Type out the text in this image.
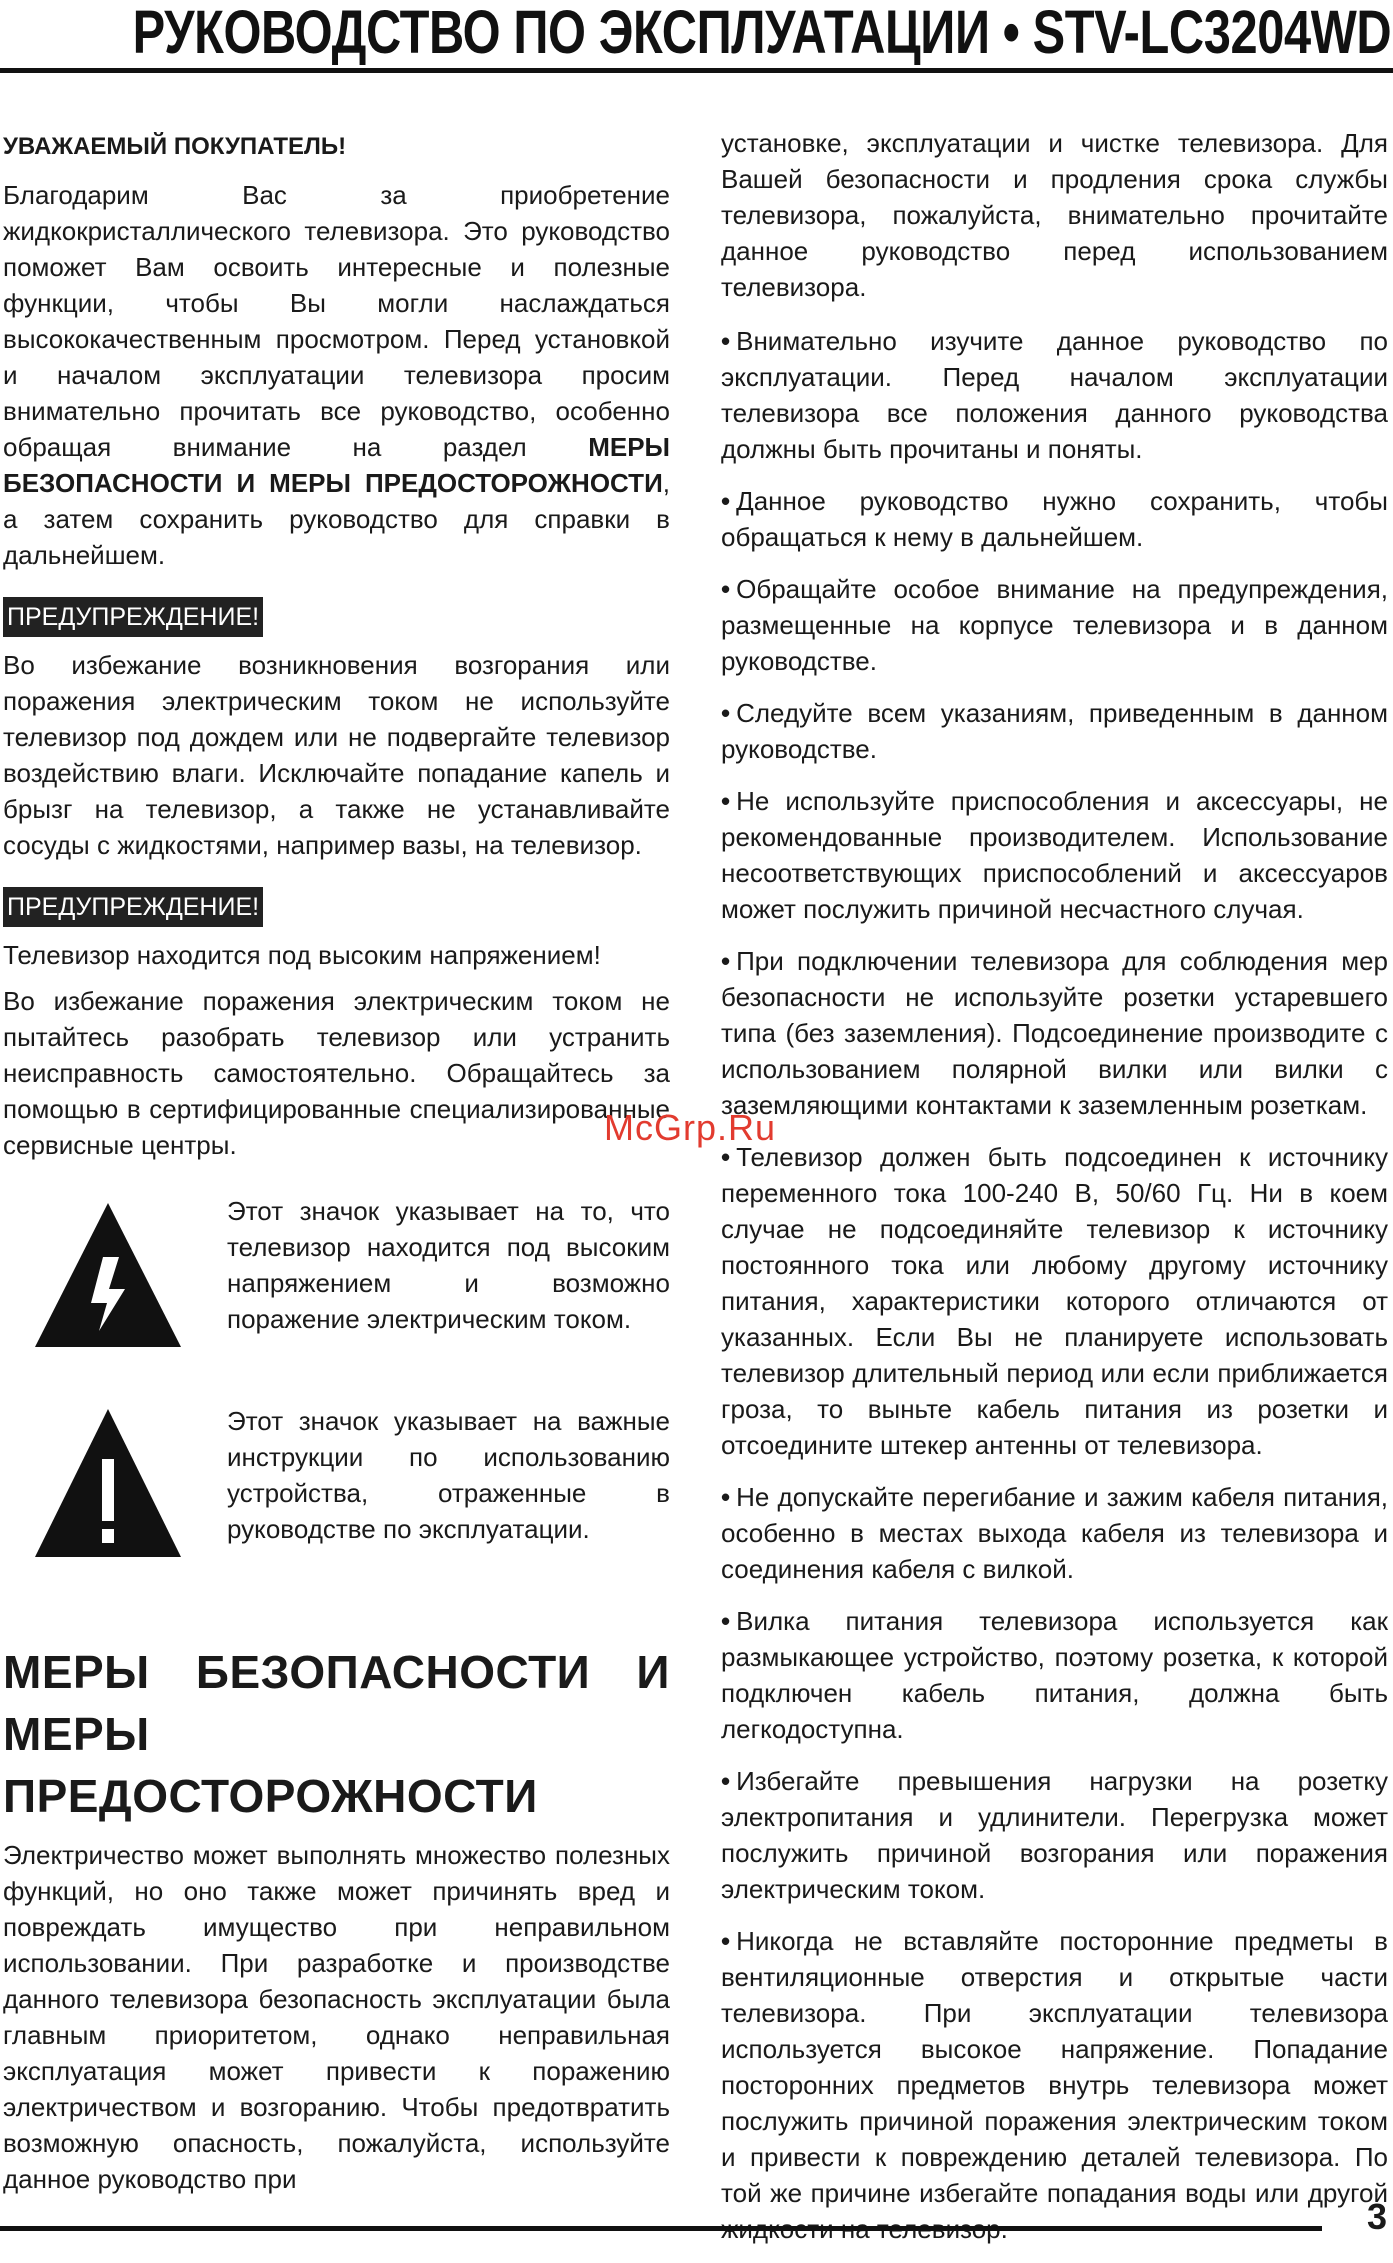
РУКОВОДСТВО ПО ЭКСПЛУАТАЦИИ • STV-LC3204WD

УВАЖАЕМЫЙ ПОКУПАТЕЛЬ!

Благодарим Вас за приобретение жидкокристаллического телевизора. Это руководство поможет Вам освоить интересные и полезные функции, чтобы Вы могли наслаждаться высококачественным просмотром. Перед установкой и началом эксплуатации телевизора просим внимательно прочитать все руководство, особенно обращая внимание на раздел МЕРЫ БЕЗОПАСНОСТИ И МЕРЫ ПРЕДОСТОРОЖНОСТИ, а затем сохранить руководство для справки в дальнейшем.

ПРЕДУПРЕЖДЕНИЕ!

Во избежание возникновения возгорания или поражения электрическим током не используйте телевизор под дождем или не подвергайте телевизор воздействию влаги. Исключайте попадание капель и брызг на телевизор, а также не устанавливайте сосуды с жидкостями, например вазы, на телевизор.

ПРЕДУПРЕЖДЕНИЕ!

Телевизор находится под высоким напряжением!

Во избежание поражения электрическим током не пытайтесь разобрать телевизор или устранить неисправность самостоятельно. Обращайтесь за помощью в сертифицированные специализированные сервисные центры.

Этот значок указывает на то, что телевизор находится под высоким напряжением и возможно поражение электрическим током.

Этот значок указывает на важные инструкции по использованию устройства, отраженные в руководстве по эксплуатации.

МЕРЫ БЕЗОПАСНОСТИ И МЕРЫ ПРЕДОСТОРОЖНОСТИ

Электричество может выполнять множество полезных функций, но оно также может причинять вред и повреждать имущество при неправильном использовании. При разработке и производстве данного телевизора безопасность эксплуатации была главным приоритетом, однако неправильная эксплуатация может привести к поражению электричеством и возгоранию. Чтобы предотвратить возможную опасность, пожалуйста, используйте данное руководство при

установке, эксплуатации и чистке телевизора. Для Вашей безопасности и продления срока службы телевизора, пожалуйста, внимательно прочитайте данное руководство перед использованием телевизора.

• Внимательно изучите данное руководство по эксплуатации. Перед началом эксплуатации телевизора все положения данного руководства должны быть прочитаны и поняты.

• Данное руководство нужно сохранить, чтобы обращаться к нему в дальнейшем.

• Обращайте особое внимание на предупреждения, размещенные на корпусе телевизора и в данном руководстве.

• Следуйте всем указаниям, приведенным в данном руководстве.

• Не используйте приспособления и аксессуары, не рекомендованные производителем. Использование несоответствующих приспособлений и аксессуаров может послужить причиной несчастного случая.

• При подключении телевизора для соблюдения мер безопасности не используйте розетки устаревшего типа (без заземления). Подсоединение производите с использованием полярной вилки или вилки с заземляющими контактами к заземленным розеткам.

• Телевизор должен быть подсоединен к источнику переменного тока 100-240 В, 50/60 Гц. Ни в коем случае не подсоединяйте телевизор к источнику постоянного тока или любому другому источнику питания, характеристики которого отличаются от указанных. Если Вы не планируете использовать телевизор длительный период или если приближается гроза, то выньте кабель питания из розетки и отсоедините штекер антенны от телевизора.

• Не допускайте перегибание и зажим кабеля питания, особенно в местах выхода кабеля из телевизора и соединения кабеля с вилкой.

• Вилка питания телевизора используется как размыкающее устройство, поэтому розетка, к которой подключен кабель питания, должна быть легкодоступна.

• Избегайте превышения нагрузки на розетку электропитания и удлинители. Перегрузка может послужить причиной возгорания или поражения электрическим током.

• Никогда не вставляйте посторонние предметы в вентиляционные отверстия и открытые части телевизора. При эксплуатации телевизора используется высокое напряжение. Попадание посторонних предметов внутрь телевизора может послужить причиной поражения электрическим током и привести к повреждению деталей телевизора. По той же причине избегайте попадания воды или другой

McGrp.Ru
3
